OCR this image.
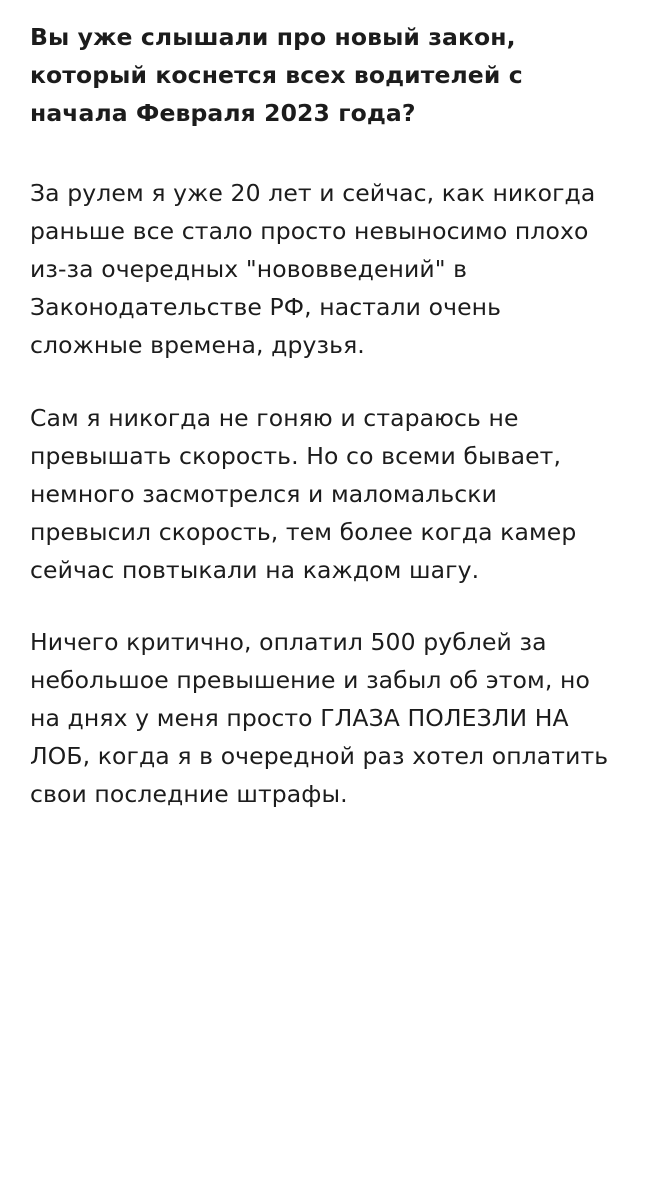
Вы уже слышали про новый закон, который коснется всех водителей с начала Февраля 2023 года?

За рулем я уже 20 лет и сейчас, как никогда раньше все стало просто невыносимо плохо из-за очередных "нововведений" в Законодательстве РФ, настали очень сложные времена, друзья.

Сам я никогда не гоняю и стараюсь не превышать скорость. Но со всеми бывает, немного засмотрелся и маломальски превысил скорость, тем более когда камер сейчас повтыкали на каждом шагу.

Ничего критично, оплатил 500 рублей за небольшое превышение и забыл об этом, но на днях у меня просто ГЛАЗА ПОЛЕЗЛИ НА ЛОБ, когда я в очередной раз хотел оплатить свои последние штрафы.
